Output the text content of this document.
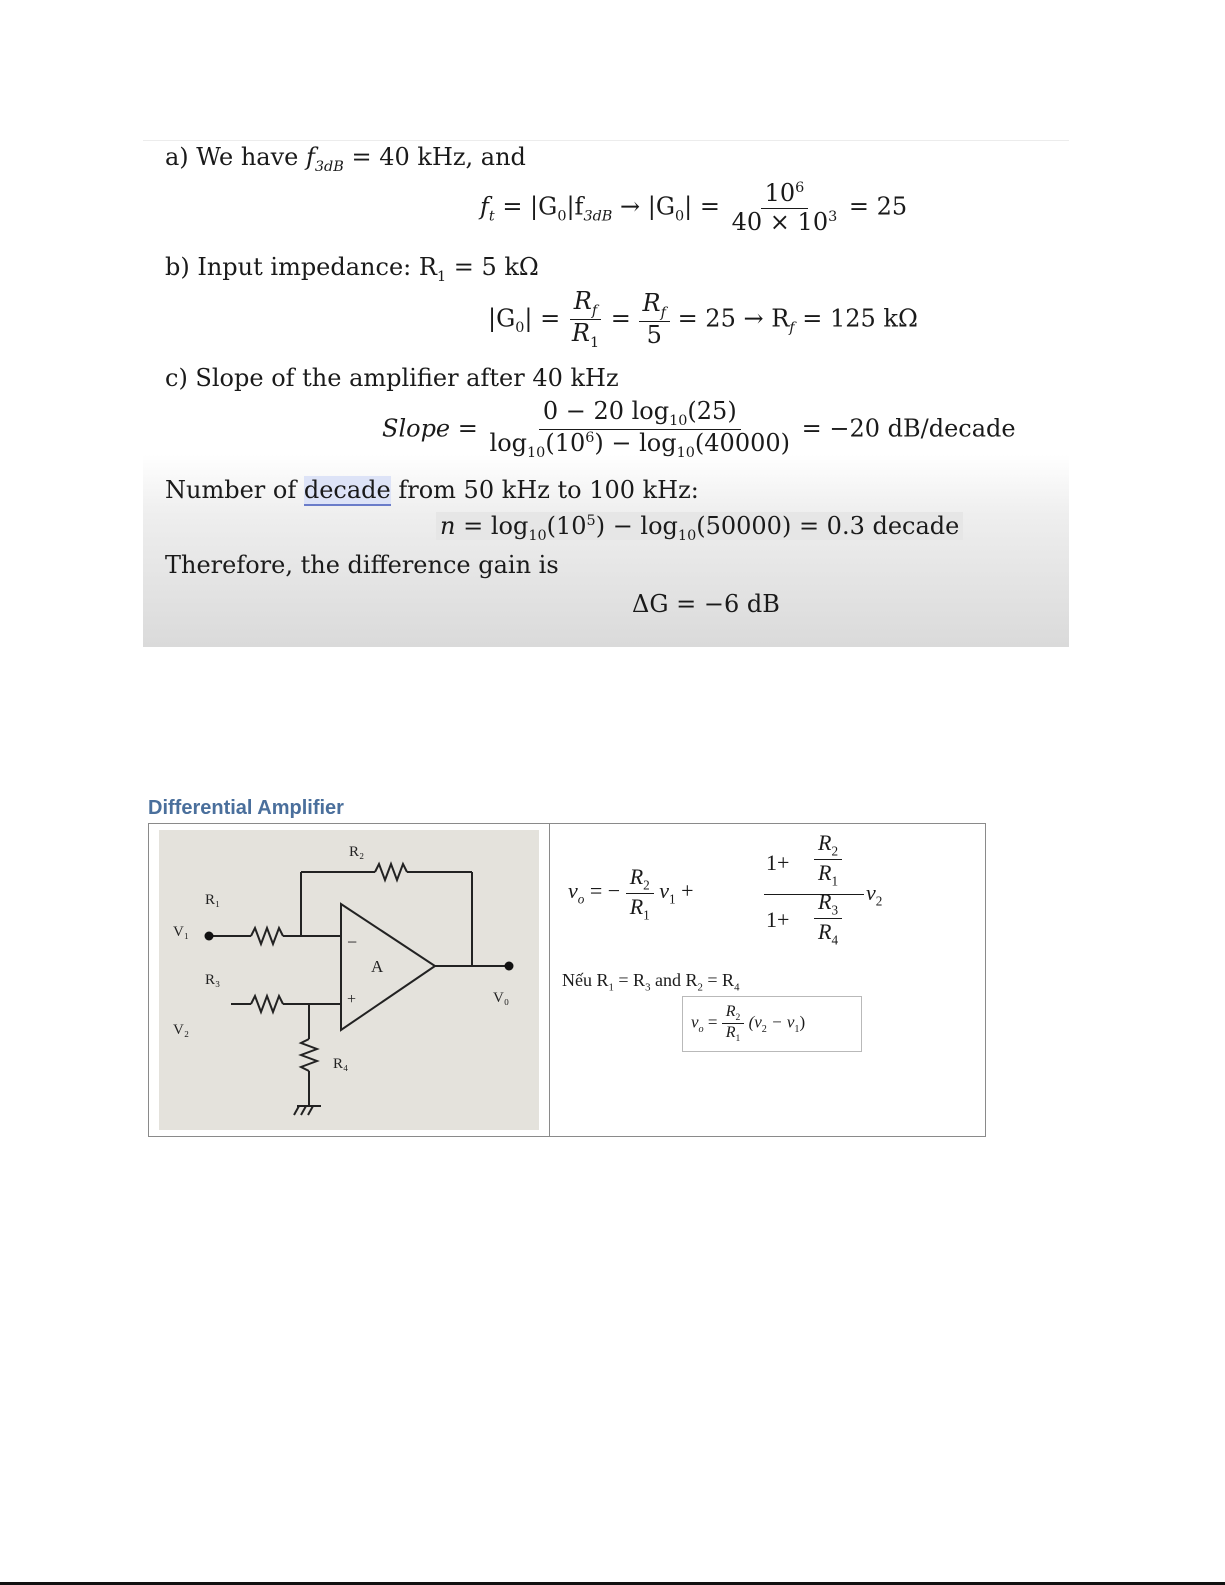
a) We have $f_{3dB} = 40$ kHz, and
$f_t = |G_0|f_{3dB} \to |G_0| = \frac{10^6}{40 \times 10^3} = 25$
b) Input impedance: $R_1 = 5$ kΩ
$|G_0| = \frac{R_f}{R_1} = \frac{R_f}{5} = 25 \to R_f = 125$ kΩ
c) Slope of the amplifier after 40 kHz
Slope = $\frac{0 - 20 \log_{10}(25)}{\log_{10}(10^6) - \log_{10}(40000)} = -20$ dB/decade
Number of decade from 50 kHz to 100 kHz:
$n = \log_{10}(10^5) - \log_{10}(50000) = 0.3$ decade
Therefore, the difference gain is
ΔG = −6 dB
Differential Amplifier
R₂
R₁
V₁
R₃
V₂
R₄
V₀
−
+
A
$v_o$ = − $\frac{R_2}{R_1} v_1$ +
$1+ \frac{R_2}{R_1}$
$1+ \frac{R_3}{R_4} v_2$
Nếu $R_1 = R_3$ and $R_2 = R_4$
$v_o = \frac{R_2}{R_1} (v_2 - v_1)$
